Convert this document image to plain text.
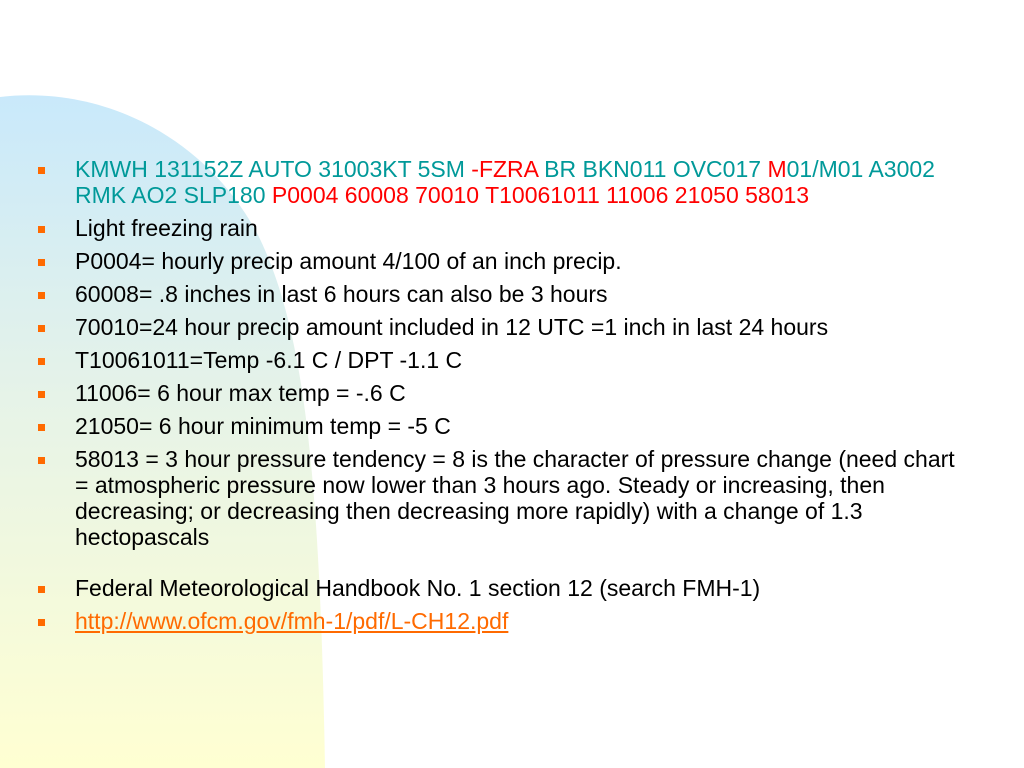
KMWH 131152Z AUTO 31003KT 5SM -FZRA BR BKN011 OVC017 M01/M01 A3002 RMK AO2 SLP180 P0004 60008 70010 T10061011 11006 21050 58013
Light freezing rain
P0004= hourly precip amount 4/100 of an inch precip.
60008= .8 inches in last 6 hours can also be 3 hours
70010=24 hour precip amount included in 12 UTC =1 inch in last 24 hours
T10061011=Temp -6.1 C / DPT -1.1 C
11006= 6 hour max temp = -.6 C
21050= 6 hour minimum temp = -5 C
58013 = 3 hour pressure tendency = 8 is the character of pressure change (need chart = atmospheric pressure now lower than 3 hours ago. Steady or increasing, then decreasing; or decreasing then decreasing more rapidly) with a change of 1.3 hectopascals
Federal Meteorological Handbook No. 1 section 12 (search FMH-1)
http://www.ofcm.gov/fmh-1/pdf/L-CH12.pdf
